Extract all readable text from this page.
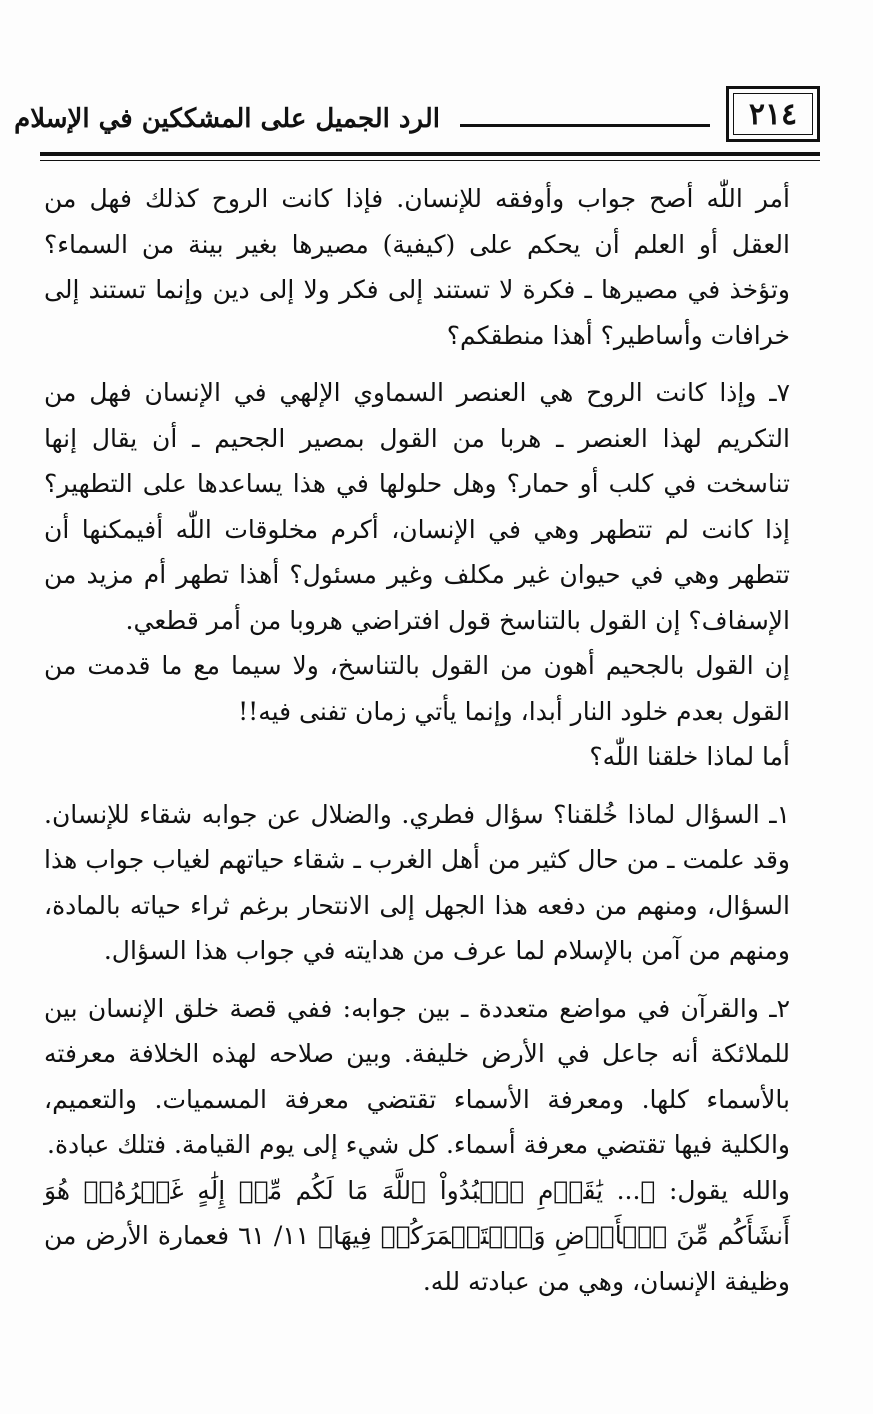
٢١٤
الرد الجميل على المشككين في الإسلام

أمر اللّٰه أصح جواب وأوفقه للإنسان. فإذا كانت الروح كذلك فهل من العقل أو العلم أن يحكم على (كيفية) مصيرها بغير بينة من السماء؟ وتؤخذ في مصيرها ـ فكرة لا تستند إلى فكر ولا إلى دين وإنما تستند إلى خرافات وأساطير؟ أهذا منطقكم؟

٧ـ وإذا كانت الروح هي العنصر السماوي الإلهي في الإنسان فهل من التكريم لهذا العنصر ـ هربا من القول بمصير الجحيم ـ أن يقال إنها تناسخت في كلب أو حمار؟ وهل حلولها في هذا يساعدها على التطهير؟ إذا كانت لم تتطهر وهي في الإنسان، أكرم مخلوقات اللّٰه أفيمكنها أن تتطهر وهي في حيوان غير مكلف وغير مسئول؟ أهذا تطهر أم مزيد من الإسفاف؟ إن القول بالتناسخ قول افتراضي هروبا من أمر قطعي.

إن القول بالجحيم أهون من القول بالتناسخ، ولا سيما مع ما قدمت من القول بعدم خلود النار أبدا، وإنما يأتي زمان تفنى فيه!!

أما لماذا خلقنا اللّٰه؟

١ـ السؤال لماذا خُلقنا؟ سؤال فطري. والضلال عن جوابه شقاء للإنسان. وقد علمت ـ من حال كثير من أهل الغرب ـ شقاء حياتهم لغياب جواب هذا السؤال، ومنهم من دفعه هذا الجهل إلى الانتحار برغم ثراء حياته بالمادة، ومنهم من آمن بالإسلام لما عرف من هدايته في جواب هذا السؤال.

٢ـ والقرآن في مواضع متعددة ـ بين جوابه: ففي قصة خلق الإنسان بين للملائكة أنه جاعل في الأرض خليفة. وبين صلاحه لهذه الخلافة معرفته بالأسماء كلها. ومعرفة الأسماء تقتضي معرفة المسميات. والتعميم، والكلية فيها تقتضي معرفة أسماء. كل شيء إلى يوم القيامة. فتلك عبادة.

والله يقول: ﴿... يَٰقَوۡمِ ٱعۡبُدُواْ ٱللَّهَ مَا لَكُم مِّنۡ إِلَٰهٍ غَيۡرُهُۥۖ هُوَ أَنشَأَكُم مِّنَ ٱلۡأَرۡضِ وَٱسۡتَعۡمَرَكُمۡ فِيهَا﴾ ١١/ ٦١ فعمارة الأرض من وظيفة الإنسان، وهي من عبادته لله.
